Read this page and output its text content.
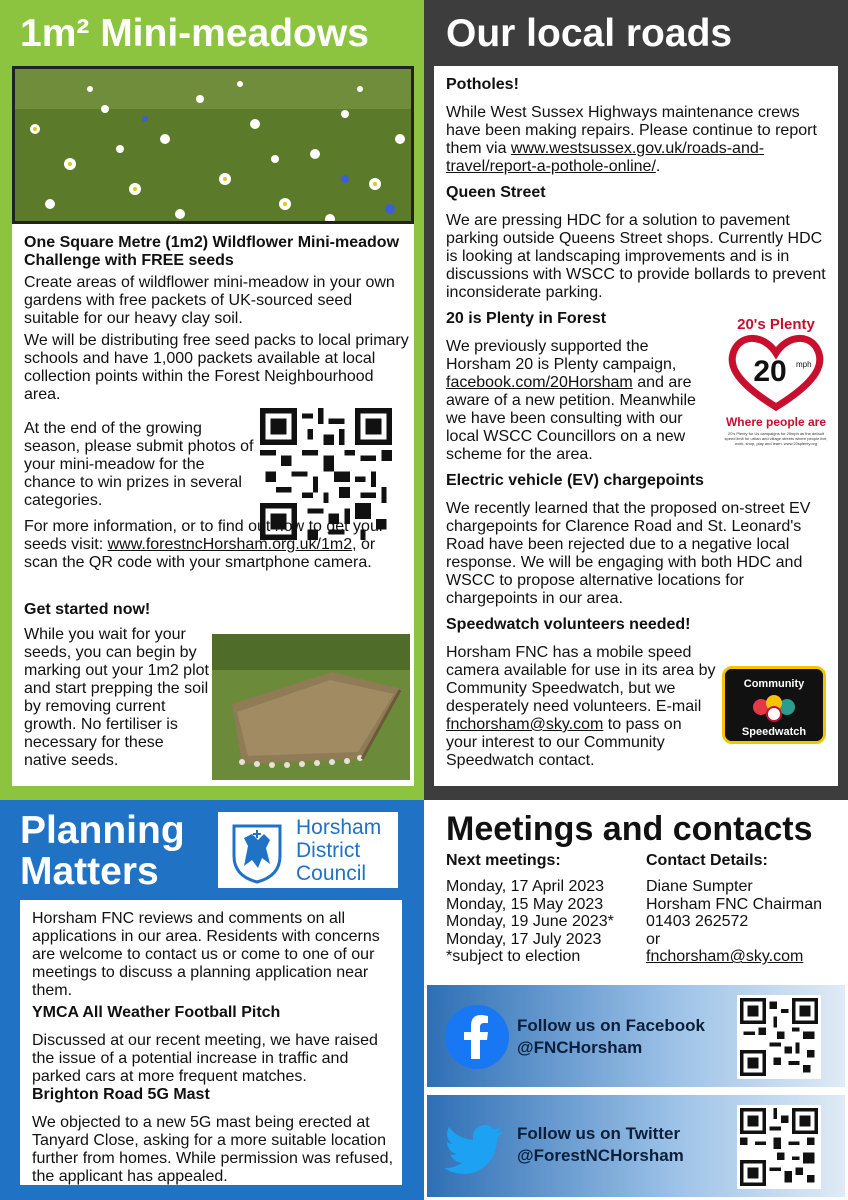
1m² Mini-meadows
One Square Metre (1m2) Wildflower Mini-meadow Challenge with FREE seeds

Create areas of wildflower mini-meadow in your own gardens with free packets of UK-sourced seed suitable for our heavy clay soil.

We will be distributing free seed packs to local primary schools and have 1,000 packets available at local collection points within the Forest Neighbourhood area.

At the end of the growing season, please submit photos of your mini-meadow for the chance to win prizes in several categories.

For more information, or to find out how to get your seeds visit: www.forestncHorsham.org.uk/1m2, or scan the QR code with your smartphone camera.

Get started now!

While you wait for your seeds, you can begin by marking out your 1m2 plot and start prepping the soil by removing current growth. No fertiliser is necessary for these native seeds.

Our local roads
Potholes!

While West Sussex Highways maintenance crews have been making repairs. Please continue to report them via www.westsussex.gov.uk/roads-and-travel/report-a-pothole-online/.

Queen Street

We are pressing HDC for a solution to pavement parking outside Queens Street shops. Currently HDC is looking at landscaping improvements and is in discussions with WSCC to provide bollards to prevent inconsiderate parking.

20 is Plenty in Forest

We previously supported the Horsham 20 is Plenty campaign, facebook.com/20Horsham and are aware of a new petition. Meanwhile we have been consulting with our local WSCC Councillors on a new scheme for the area.

20's Plenty
20 mph
Where people are
20's Plenty for Us campaigns for 20mph as the default speed limit for urban and village streets where people live, work, shop, play and learn. www.20splenty.org
Electric vehicle (EV) chargepoints

We recently learned that the proposed on-street EV chargepoints for Clarence Road and St. Leonard's Road have been rejected due to a negative local response. We will be engaging with both HDC and WSCC to propose alternative locations for chargepoints in our area.

Speedwatch volunteers needed!

Horsham FNC has a mobile speed camera available for use in its area by Community Speedwatch, but we desperately need volunteers. E-mail fnchorsham@sky.com to pass on your interest to our Community Speedwatch contact.

Community
Speedwatch
Planning
Matters
Horsham
District
Council

Horsham FNC reviews and comments on all applications in our area. Residents with concerns are welcome to contact us or come to one of our meetings to discuss a planning application near them.

YMCA All Weather Football Pitch

Discussed at our recent meeting, we have raised the issue of a potential increase in traffic and parked cars at more frequent matches.

Brighton Road 5G Mast

We objected to a new 5G mast being erected at Tanyard Close, asking for a more suitable location further from homes. While permission was refused, the applicant has appealed.

Meetings and contacts
Next meetings:
Monday, 17 April 2023
Monday, 15 May 2023
Monday, 19 June 2023*
Monday, 17 July 2023
*subject to election
Contact Details:
Diane Sumpter
Horsham FNC Chairman
01403 262572
or
fnchorsham@sky.com
Follow us on Facebook
@FNCHorsham
Follow us on Twitter
@ForestNCHorsham
